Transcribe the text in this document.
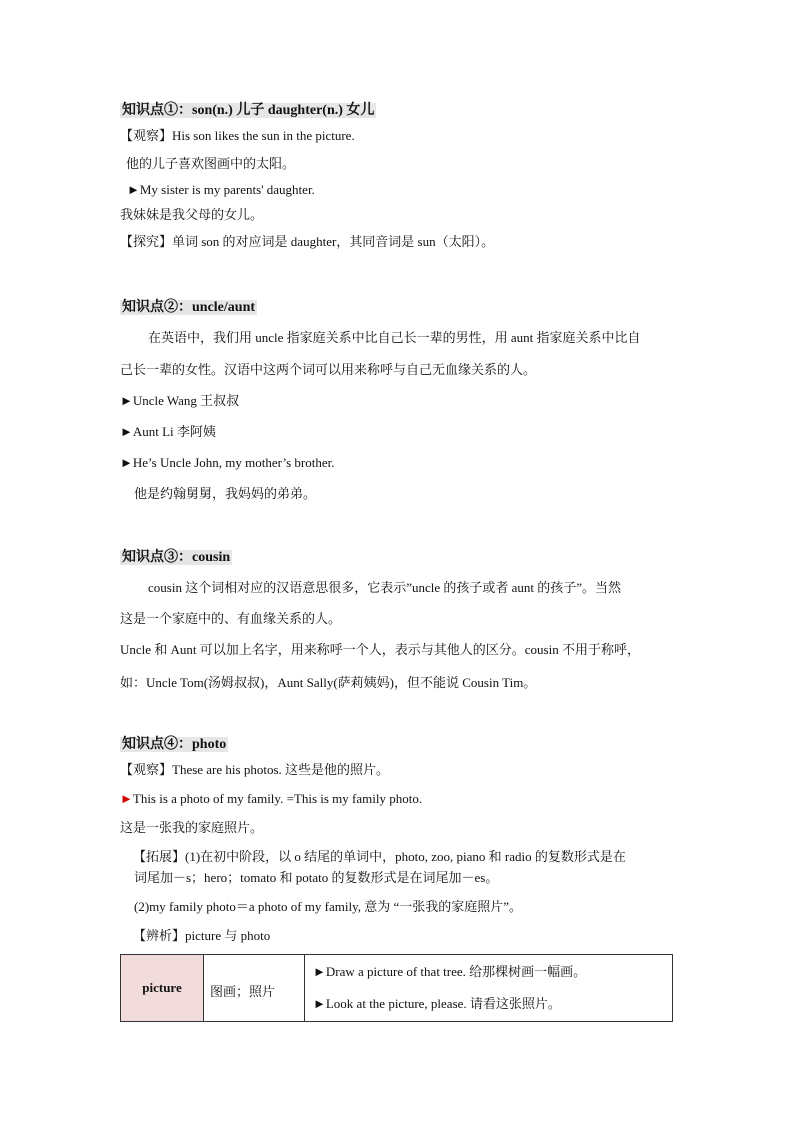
知识点①：son(n.) 儿子 daughter(n.) 女儿
【观察】His son likes the sun in the picture.
他的儿子喜欢图画中的太阳。
►My sister is my parents' daughter.
我妹妹是我父母的女儿。
【探究】单词 son 的对应词是 daughter，其同音词是 sun（太阳）。
知识点②：uncle/aunt
在英语中，我们用 uncle 指家庭关系中比自己长一辈的男性，用 aunt 指家庭关系中比自
己长一辈的女性。汉语中这两个词可以用来称呼与自己无血缘关系的人。
►Uncle Wang 王叔叔
►Aunt Li 李阿姨
►He’s Uncle John, my mother’s brother.
他是约翰舅舅，我妈妈的弟弟。
知识点③：cousin
cousin 这个词相对应的汉语意思很多，它表示”uncle 的孩子或者 aunt 的孩子”。当然
这是一个家庭中的、有血缘关系的人。
Uncle 和 Aunt 可以加上名字，用来称呼一个人，表示与其他人的区分。cousin 不用于称呼，
如：Uncle Tom(汤姆叔叔)，Aunt Sally(萨莉姨妈)，但不能说 Cousin Tim。
知识点④：photo
【观察】These are his photos. 这些是他的照片。
►This is a photo of my family. =This is my family photo.
这是一张我的家庭照片。
【拓展】(1)在初中阶段，以 o 结尾的单词中，photo, zoo, piano 和 radio 的复数形式是在
词尾加－s；hero；tomato 和 potato 的复数形式是在词尾加－es。
(2)my family photo＝a photo of my family, 意为 “一张我的家庭照片”。
【辨析】picture 与 photo
picture	图画；照片	
►Draw a picture of that tree. 给那棵树画一幅画。
►Look at the picture, please. 请看这张照片。
